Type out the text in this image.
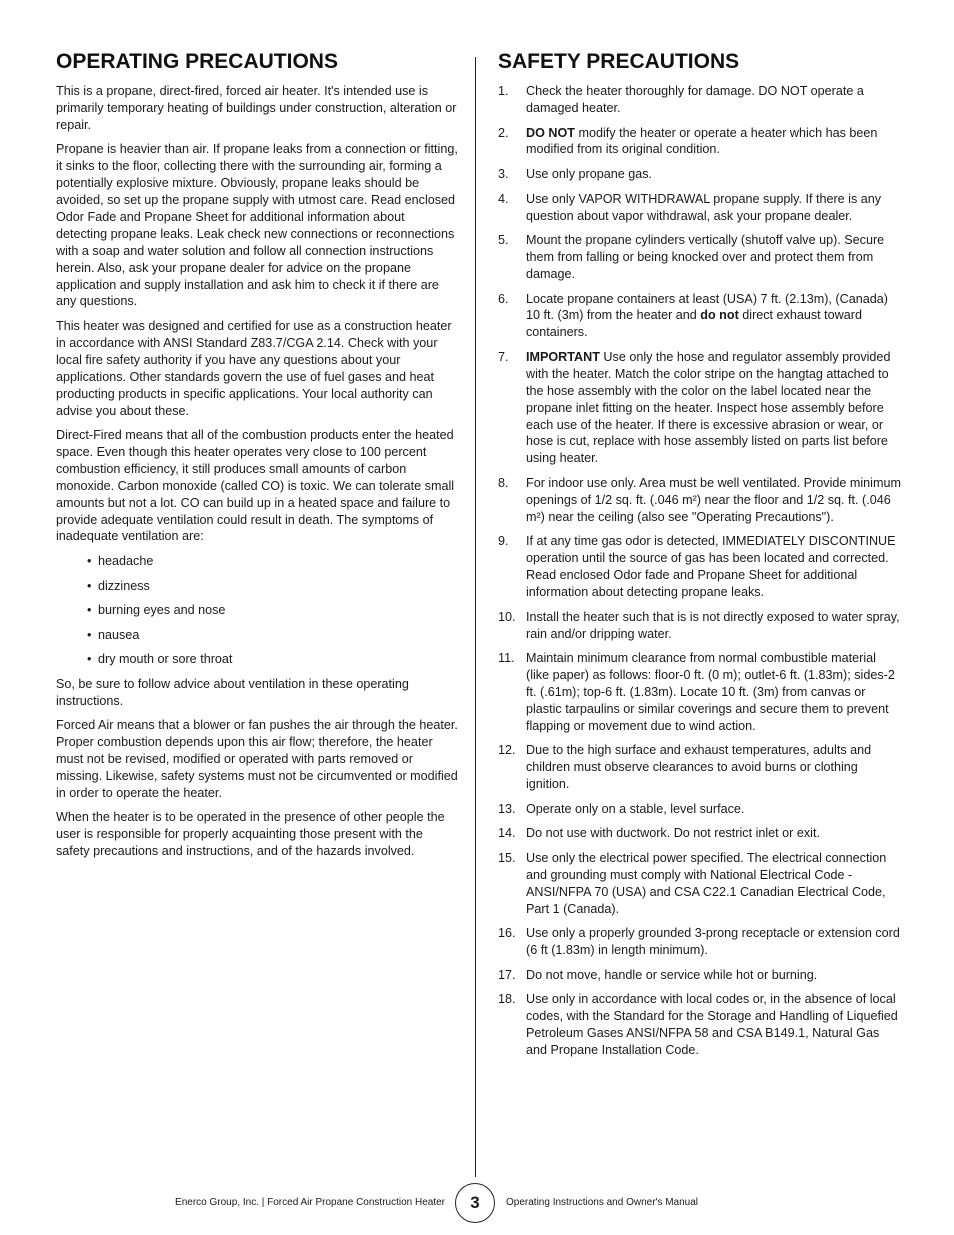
OPERATING PRECAUTIONS

This is a propane, direct-fired, forced air heater. It's intended use is primarily temporary heating of buildings under construction, alteration or repair.

Propane is heavier than air. If propane leaks from a connection or fitting, it sinks to the floor, collecting there with the surrounding air, forming a potentially explosive mixture. Obviously, propane leaks should be avoided, so set up the propane supply with utmost care. Read enclosed Odor Fade and Propane Sheet for additional information about detecting propane leaks. Leak check new connections or reconnections with a soap and water solution and follow all connection instructions herein. Also, ask your propane dealer for advice on the propane application and supply installation and ask him to check it if there are any questions.

This heater was designed and certified for use as a construction heater in accordance with ANSI Standard Z83.7/CGA 2.14. Check with your local fire safety authority if you have any questions about your applications. Other standards govern the use of fuel gases and heat producting products in specific applications. Your local authority can advise you about these.

Direct-Fired means that all of the combustion products enter the heated space. Even though this heater operates very close to 100 percent combustion efficiency, it still produces small amounts of carbon monoxide. Carbon monoxide (called CO) is toxic. We can tolerate small amounts but not a lot. CO can build up in a heated space and failure to provide adequate ventilation could result in death. The symptoms of inadequate ventilation are:

• headache
• dizziness
• burning eyes and nose
• nausea
• dry mouth or sore throat

So, be sure to follow advice about ventilation in these operating instructions.

Forced Air means that a blower or fan pushes the air through the heater. Proper combustion depends upon this air flow; therefore, the heater must not be revised, modified or operated with parts removed or missing. Likewise, safety systems must not be circumvented or modified in order to operate the heater.

When the heater is to be operated in the presence of other people the user is responsible for properly acquainting those present with the safety precautions and instructions, and of the hazards involved.

SAFETY PRECAUTIONS
1.	Check the heater thoroughly for damage. DO NOT operate a damaged heater.
2.	DO NOT modify the heater or operate a heater which has been modified from its original condition.
3.	Use only propane gas.
4.	Use only VAPOR WITHDRAWAL propane supply. If there is any question about vapor withdrawal, ask your propane dealer.
5.	Mount the propane cylinders vertically (shutoff valve up). Secure them from falling or being knocked over and protect them from damage.
6.	Locate propane containers at least (USA) 7 ft. (2.13m), (Canada) 10 ft. (3m) from the heater and do not direct exhaust toward containers.
7.	IMPORTANT Use only the hose and regulator assembly provided with the heater. Match the color stripe on the hangtag attached to the hose assembly with the color on the label located near the propane inlet fitting on the heater. Inspect hose assembly before each use of the heater. If there is excessive abrasion or wear, or hose is cut, replace with hose assembly listed on parts list before using heater.
8.	For indoor use only. Area must be well ventilated. Provide minimum openings of 1/2 sq. ft. (.046 m²) near the floor and 1/2 sq. ft. (.046 m²) near the ceiling (also see "Operating Precautions").
9.	If at any time gas odor is detected, IMMEDIATELY DISCONTINUE operation until the source of gas has been located and corrected. Read enclosed Odor fade and Propane Sheet for additional information about detecting propane leaks.
10. Install the heater such that is is not directly exposed to water spray, rain and/or dripping water.
11. Maintain minimum clearance from normal combustible material (like paper) as follows: floor-0 ft. (0 m); outlet-6 ft. (1.83m); sides-2 ft. (.61m); top-6 ft. (1.83m). Locate 10 ft. (3m) from canvas or plastic tarpaulins or similar coverings and secure them to prevent flapping or movement due to wind action.
12. Due to the high surface and exhaust temperatures, adults and children must observe clearances to avoid burns or clothing ignition.
13. Operate only on a stable, level surface.
14. Do not use with ductwork. Do not restrict inlet or exit.
15. Use only the electrical power specified. The electrical connection and grounding must comply with National Electrical Code - ANSI/NFPA 70 (USA) and CSA C22.1 Canadian Electrical Code, Part 1 (Canada).
16. Use only a properly grounded 3-prong receptacle or extension cord (6 ft (1.83m) in length minimum).
17. Do not move, handle or service while hot or burning.
18. Use only in accordance with local codes or, in the absence of local codes, with the Standard for the Storage and Handling of Liquefied Petroleum Gases ANSI/NFPA 58 and CSA B149.1, Natural Gas and Propane Installation Code.
Enerco Group, Inc. | Forced Air Propane Construction Heater	3	Operating Instructions and Owner's Manual
